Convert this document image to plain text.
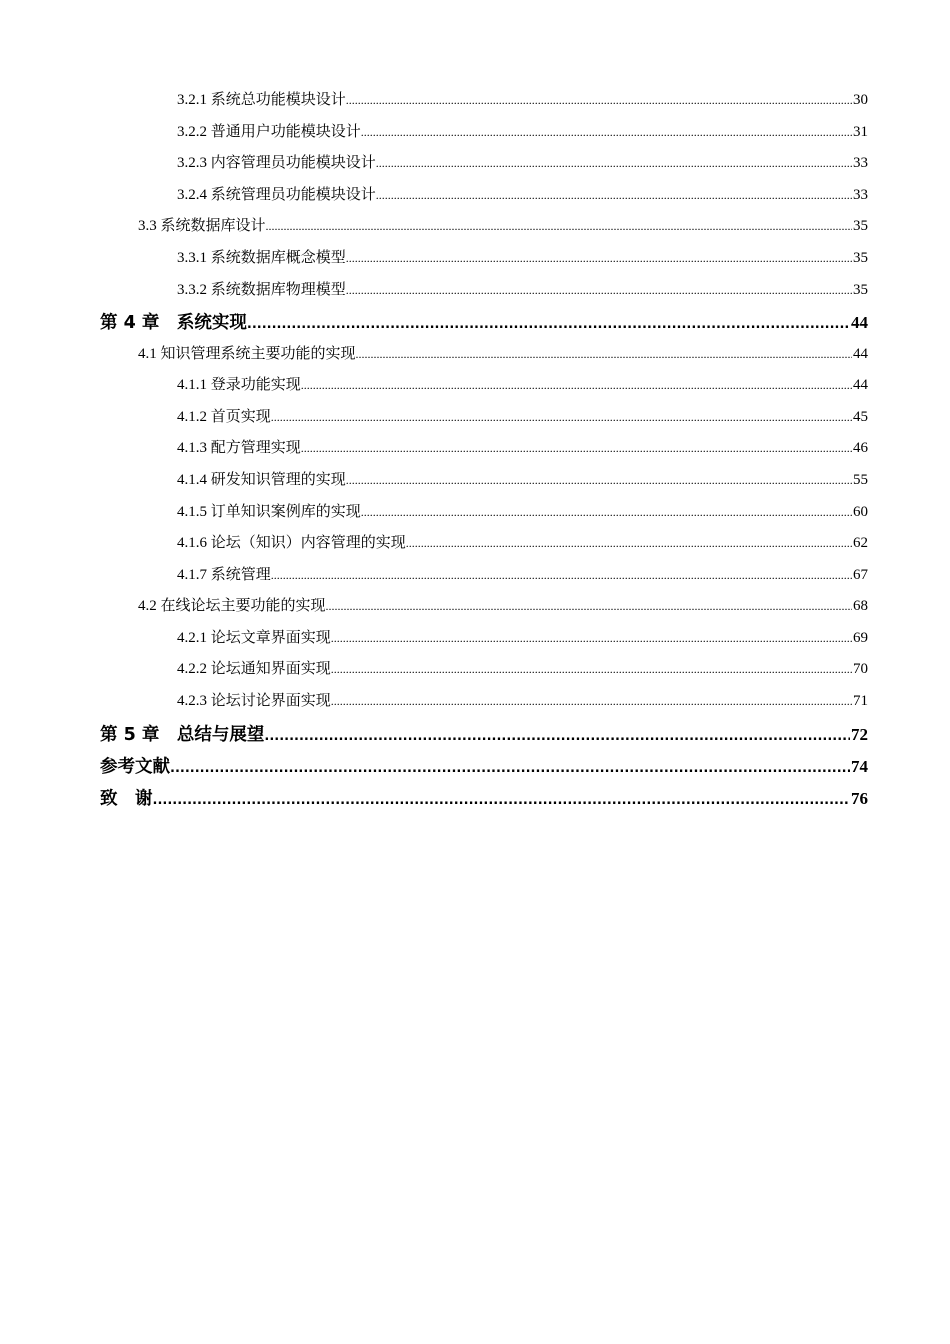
3.2.1 系统总功能模块设计 .....	30
3.2.2 普通用户功能模块设计 .....	31
3.2.3 内容管理员功能模块设计 .....	33
3.2.4 系统管理员功能模块设计 .....	33
3.3 系统数据库设计 .....	35
3.3.1 系统数据库概念模型 .....	35
3.3.2 系统数据库物理模型 .....	35
第 4 章　系统实现 .....	44
4.1 知识管理系统主要功能的实现 .....	44
4.1.1 登录功能实现 .....	44
4.1.2 首页实现 .....	45
4.1.3 配方管理实现 .....	46
4.1.4 研发知识管理的实现 .....	55
4.1.5 订单知识案例库的实现 .....	60
4.1.6 论坛（知识）内容管理的实现 .....	62
4.1.7 系统管理 .....	67
4.2 在线论坛主要功能的实现 .....	68
4.2.1 论坛文章界面实现 .....	69
4.2.2 论坛通知界面实现 .....	70
4.2.3 论坛讨论界面实现 .....	71
第 5 章　总结与展望 .....	72
参考文献 .....	74
致　谢 .....	76
